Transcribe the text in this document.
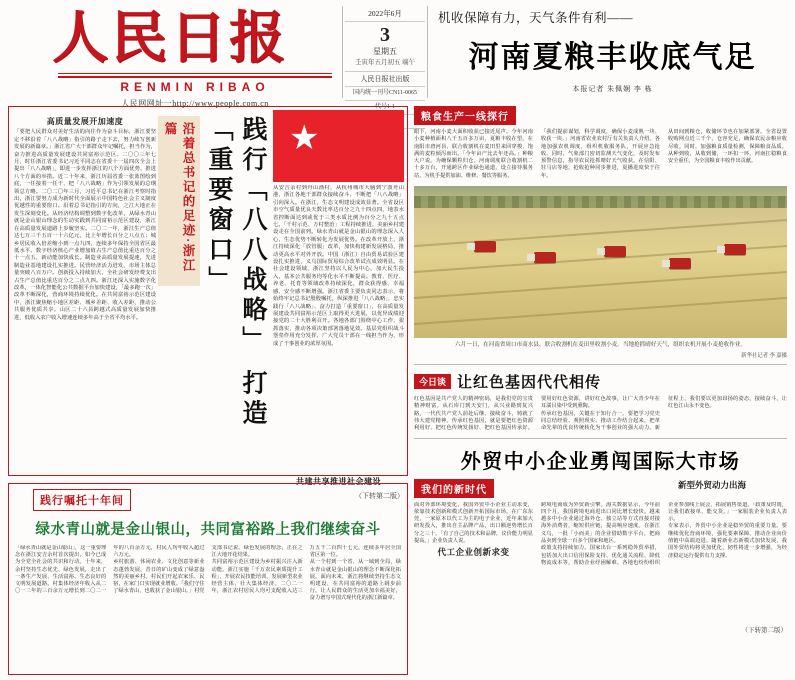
人民日报
RENMIN RIBAO
人民网网址一http://www.people.com.cn
2022年6月
3
星期五
壬寅年五月初五 端午
人民日报社出版
国内统一刊号CN11-0065
代号1-1
机收保障有力，天气条件有利——
河南夏粮丰收底气足
本报记者 朱佩娴 李 栋
高质量发展开加速度
「要把人民群众对美好生活的向往作为奋斗目标，浙江要坚定不移沿着「八八战略」指引的路子走下去，努力续写创新发展的新篇章。」浙江省广大干部群众牢记嘱托，担当作为，奋力推进高质量发展建设共同富裕示范区。二〇〇三年七月，时任浙江省委书记习近平同志在省委十一届四次全会上提出「八八战略」，即进一步发挥浙江的八个方面优势、推进八个方面的举措。近二十年来，浙江历届省委一张蓝图绘到底，一任接着一任干，把「八八战略」作为引领发展的总纲领总方略。二〇二〇年三月，习近平总书记在浙江考察时指出，浙江要努力成为新时代全面展示中国特色社会主义制度优越性的重要窗口。沿着总书记指引的方向，之江大地正在发生深刻变化。从经济结构调整到数字化改革，从绿水青山就是金山银山理念的生动实践到共同富裕示范区建设，浙江在高质量发展道路上步履坚实。二〇二一年，浙江生产总值达七万三千五百一十六亿元，比上年增长百分之八点五；城乡居民收入倍差缩小到一点九四，连续多年保持全国省区最低水平。数字经济核心产业增加值占生产总值比重达百分之十一点五，新动能加快成长。制造业高质量发展提速，先进制造业基地建设扎实推进。民营经济活力迸发，市场主体总量突破八百万户。创新投入持续加大，全社会研发经费支出占生产总值比重达百分之二点九四。浙江还深入实施数字化改革，一体化智能化公共数据平台加快建设，「最多跑一次」改革不断深化，营商环境持续优化。在共同富裕示范区建设中，浙江聚焦缩小地区差距、城乡差距、收入差距，推动公共服务优质共享。山区二十六县跨越式高质量发展加快推进，低收入农户收入增速连续多年高于全省平均水平。	践行「八八战略」 打造「重要窗口」
沿着总书记的足迹·浙江篇	★
从安吉余村到舟山渔村，从杭州城市大脑到宁波舟山港，浙江各地干部群众接续奋斗，不断把「八八战略」引向深入。在浙江，生态文明建设成效显著。全省设区市空气质量优良天数比率达百分之九十四点四，地表水省控断面达到或优于三类水质比例为百分之九十五点七。「千村示范、万村整治」工程持续推进，美丽乡村建设走在全国前列。绿水青山就是金山银山的理念深入人心，生态优势不断转化为发展优势。在改革开放上，浙江持续深化「放管服」改革，加快构建新发展格局，推动更高水平对外开放。中国（浙江）自由贸易试验区建设扎实推进，义乌国际贸易综合改革试点成效明显。在社会建设领域，浙江坚持以人民为中心，加大民生投入，基本公共服务均等化水平不断提高。教育、医疗、养老、托育等领域改革持续深化，群众获得感、幸福感、安全感不断增强。浙江省委主要负责同志表示，将始终牢记总书记殷殷嘱托，纵深推进「八八战略」，忠实践行「八八战略」、奋力打造「重要窗口」，在高质量发展建设共同富裕示范区上取得更大进展，以优异成绩迎接党的二十大胜利召开。各地各部门围绕中心工作，狠抓落实，推动各项决策部署落地见效。基层党组织战斗堡垒作用充分发挥，广大党员干部在一线担当作为，形成了干事创业的浓厚氛围。
共建共享推进社会建设
（下转第二版）
践行嘱托十年间
绿水青山就是金山银山，共同富裕路上我们继续奋斗
「绿水青山就是金山银山」，这一重要理念在浙江安吉余村首次提出，如今已成为全党全社会的共识和行动。十年来，余村坚持生态优先、绿色发展，走出了一条生产发展、生活富裕、生态良好的文明发展道路。村集体经济年收入从二〇一二年的三百余万元增长到二〇二一年的八百余万元，村民人均年收入超过六万元。
乡村旅游、休闲农业、文化创意等新业态蓬勃发展，昔日的矿山变成了绿意盎然的美丽乡村。村民们开起农家乐、民宿，在家门口实现就业增收。「我们守住了绿水青山，也收获了金山银山。」村党支部书记说。绿色发展的理念，正在之江大地开花结果。
共同富裕示范区建设为乡村振兴注入新动能。浙江实施「千万农民素质提升工程」，开展农民技能培训，发展新型农业经营主体，壮大集体经济。二〇二一年，浙江农村居民人均可支配收入达三万五千二百四十七元，连续多年居全国省区第一位。
从一个村到一个省，从一域到全局，绿水青山就是金山银山的理念不断深化拓展。面向未来，浙江将继续坚持生态文明建设，在共同富裕的道路上阔步前行，让人民群众的生活更加幸福美好，奋力谱写中国式现代化的浙江新篇章。
粮食生产一线探行
眼下，河南小麦大面积收获已接近尾声。今年河南小麦种植面积八千五百多万亩，夏粮丰收在望。在南阳市唐河县，联合收割机在麦田里来回穿梭，饱满的麦粒倾泻而出。「今年亩产比去年还高。」种粮大户说。为确保颗粒归仓，河南调度联合收割机二十多万台，开通跨区作业绿色通道，设立接待服务站，为机手提供加油、维修、餐饮等服务。
「我们提前谋划，科学调度，确保小麦成熟一块、收获一块。」河南省农业农村厅有关负责人介绍。各地加强农机调度，组织机收服务队，开展应急抢收。同时，气象部门密切监测天气变化，及时发布预警信息，指导农民抢抓晴好天气收获。在信阳、驻马店等地，抢收抢种同步推进，夏播进度快于往年。
从田间到粮仓，收储环节也在加紧部署。全省设置收购网点近三千个，仓容充足，确保农民余粮应收尽收。同时，加强粮食质量检测，保障粮食品质。从种到收，从收到储，一环扣一环，河南扛稳粮食安全重任，为全国粮食丰收作出贡献。
六月一日，在河南省周口市商水县，联合收割机在麦田里收割小麦。当地抢抓晴好天气，组织农机开展小麦抢收作业。
新华社记者 李 嘉摄
今日谈 让红色基因代代相传
红色基因是共产党人的精神密码，是我们党的宝贵精神财富。从石库门到天安门，从兴业路到复兴路，一代代共产党人前赴后继、接续奋斗，铸就了伟大建党精神。传承红色基因，就是要把红色资源利用好、把红色传统发扬好、把红色基因传承好。要用好红色资源，讲好红色故事，让广大青少年在耳濡目染中受到熏陶。
传承红色基因，关键在于知行合一。要把学习党史同总结经验、观照现实、推动工作结合起来，把革命先辈的优良传统转化为干事创业的强大动力。新征程上，我们要以更加昂扬的姿态，接续奋斗，让红色江山永不变色。
外贸中小企业勇闯国际大市场
我们的新时代	新型外贸动力出海
面对外部环境变化，我国外贸中小企业主动求变，依靠技术创新和模式创新开拓国际市场。在广东东莞，一家原本以代工为主的电子企业，近年来加大研发投入，推出自主品牌产品，出口额逆势增长百分之三十。「有了自己的技术和品牌，议价能力明显提高。」企业负责人说。
代工企业创新求变
跨境电商成为外贸新引擎。海关数据显示，今年前四个月，我国跨境电商进出口同比增长较快。越来越多中小企业通过海外仓、独立站等方式直接对接海外消费者，缩短供应链，提高响应速度。在浙江义乌，一批「小而美」的企业借助数字平台，把商品卖到全球一百多个国家和地区。
政策支持持续加力。国家出台一系列稳外贸举措，包括加大出口信用保险支持、优化通关流程、降低物流成本等，帮助企业纾困解难。各地也纷纷组织企业参加线上展会，拓展销售渠道。「政策及时雨，让我们敢接单、能交货。」一家服装企业负责人表示。
专家表示，外贸中小企业是稳外贸的重要力量。要继续优化营商环境，强化要素保障，推动企业向价值链中高端迈进。随着新业态新模式加快发展，我国外贸结构将更加优化，韧性将进一步增强，为经济稳定运行提供有力支撑。
（下转第二版）
